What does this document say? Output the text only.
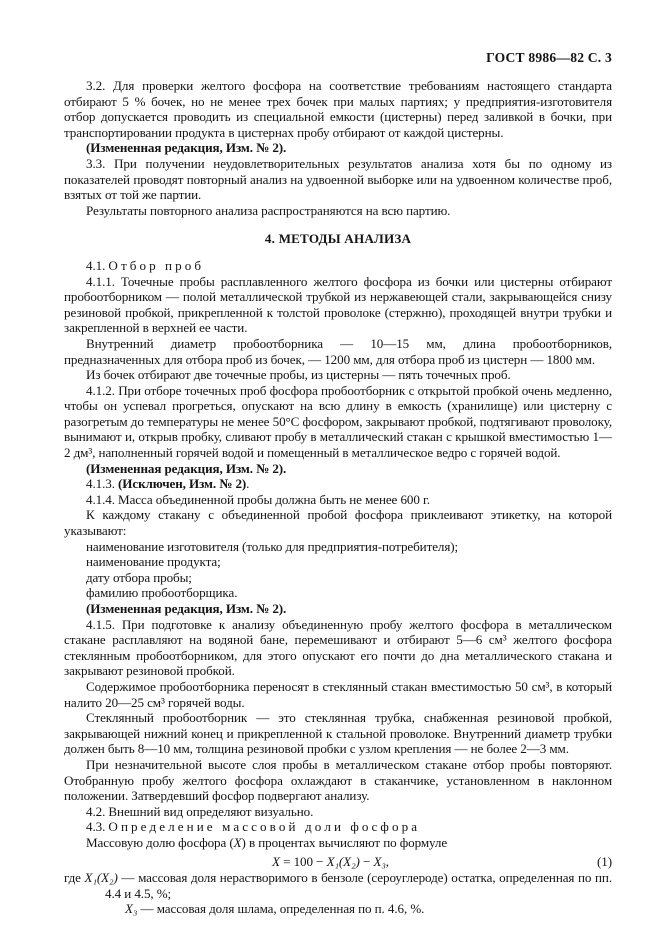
ГОСТ 8986—82 С. 3
3.2. Для проверки желтого фосфора на соответствие требованиям настоящего стандарта отбирают 5 % бочек, но не менее трех бочек при малых партиях; у предприятия-изготовителя отбор допускается проводить из специальной емкости (цистерны) перед заливкой в бочки, при транспортировании продукта в цистернах пробу отбирают от каждой цистерны.
(Измененная редакция, Изм. № 2).
3.3. При получении неудовлетворительных результатов анализа хотя бы по одному из показателей проводят повторный анализ на удвоенной выборке или на удвоенном количестве проб, взятых от той же партии.
Результаты повторного анализа распространяются на всю партию.
4. МЕТОДЫ АНАЛИЗА
4.1. О т б о р   п р о б
4.1.1. Точечные пробы расплавленного желтого фосфора из бочки или цистерны отбирают пробоотборником — полой металлической трубкой из нержавеющей стали, закрывающейся снизу резиновой пробкой, прикрепленной к толстой проволоке (стержню), проходящей внутри трубки и закрепленной в верхней ее части.
Внутренний диаметр пробоотборника — 10—15 мм, длина пробоотборников, предназначенных для отбора проб из бочек, — 1200 мм, для отбора проб из цистерн — 1800 мм.
Из бочек отбирают две точечные пробы, из цистерны — пять точечных проб.
4.1.2. При отборе точечных проб фосфора пробоотборник с открытой пробкой очень медленно, чтобы он успевал прогреться, опускают на всю длину в емкость (хранилище) или цистерну с разогретым до температуры не менее 50°С фосфором, закрывают пробкой, подтягивают проволоку, вынимают и, открыв пробку, сливают пробу в металлический стакан с крышкой вместимостью 1—2 дм³, наполненный горячей водой и помещенный в металлическое ведро с горячей водой.
(Измененная редакция, Изм. № 2).
4.1.3. (Исключен, Изм. № 2).
4.1.4. Масса объединенной пробы должна быть не менее 600 г.
К каждому стакану с объединенной пробой фосфора приклеивают этикетку, на которой указывают:
наименование изготовителя (только для предприятия-потребителя);
наименование продукта;
дату отбора пробы;
фамилию пробоотборщика.
(Измененная редакция, Изм. № 2).
4.1.5. При подготовке к анализу объединенную пробу желтого фосфора в металлическом стакане расплавляют на водяной бане, перемешивают и отбирают 5—6 см³ желтого фосфора стеклянным пробоотборником, для этого опускают его почти до дна металлического стакана и закрывают резиновой пробкой.
Содержимое пробоотборника переносят в стеклянный стакан вместимостью 50 см³, в который налито 20—25 см³ горячей воды.
Стеклянный пробоотборник — это стеклянная трубка, снабженная резиновой пробкой, закрывающей нижний конец и прикрепленной к стальной проволоке. Внутренний диаметр трубки должен быть 8—10 мм, толщина резиновой пробки с узлом крепления — не более 2—3 мм.
При незначительной высоте слоя пробы в металлическом стакане отбор пробы повторяют. Отобранную пробу желтого фосфора охлаждают в стаканчике, установленном в наклонном положении. Затвердевший фосфор подвергают анализу.
4.2. Внешний вид определяют визуально.
4.3. О п р е д е л е н и е   м а с с о в о й   д о л и   ф о с ф о р а
Массовую долю фосфора (X) в процентах вычисляют по формуле
X = 100 − X₁(X₂) − X₃,	(1)
где X₁(X₂) — массовая доля нерастворимого в бензоле (сероуглероде) остатка, определенная по пп. 4.4 и 4.5, %;
X₃ — массовая доля шлама, определенная по п. 4.6, %.
